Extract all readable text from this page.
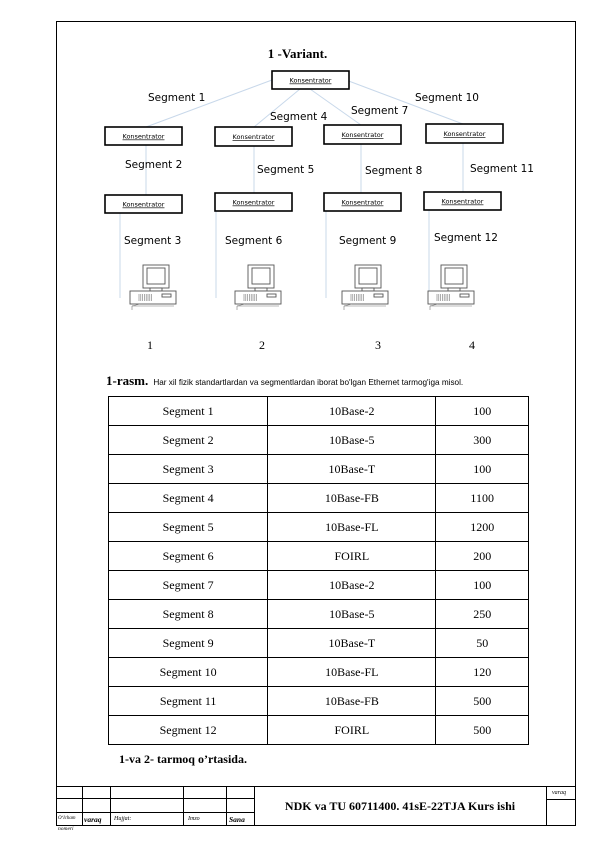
1 -Variant.
Konsentrator
Konsentrator	Konsentrator	Konsentrator	Konsentrator
Konsentrator	Konsentrator	Konsentrator	Konsentrator
Segment 1
Segment 2
Segment 3
Segment 4
Segment 5
Segment 6
Segment 7
Segment 8
Segment 9
Segment 10
Segment 11
Segment 12
1	2	3	4
1-rasm. Har xil fizik standartlardan va segmentlardan iborat bo'lgan Ethernet tarmog'iga misol.
Segment 1	10Base-2	100
Segment 2	10Base-5	300
Segment 3	10Base-T	100
Segment 4	10Base-FB	1100
Segment 5	10Base-FL	1200
Segment 6	FOIRL	200
Segment 7	10Base-2	100
Segment 8	10Base-5	250
Segment 9	10Base-T	50
Segment 10	10Base-FL	120
Segment 11	10Base-FB	500
Segment 12	FOIRL	500
1-va 2- tarmoq o’rtasida.
NDK va TU 60711400. 41sE-22TJA Kurs ishi
varaq
O‘lcham varaq Hujjat:	Imzo	Sana
nomeri
